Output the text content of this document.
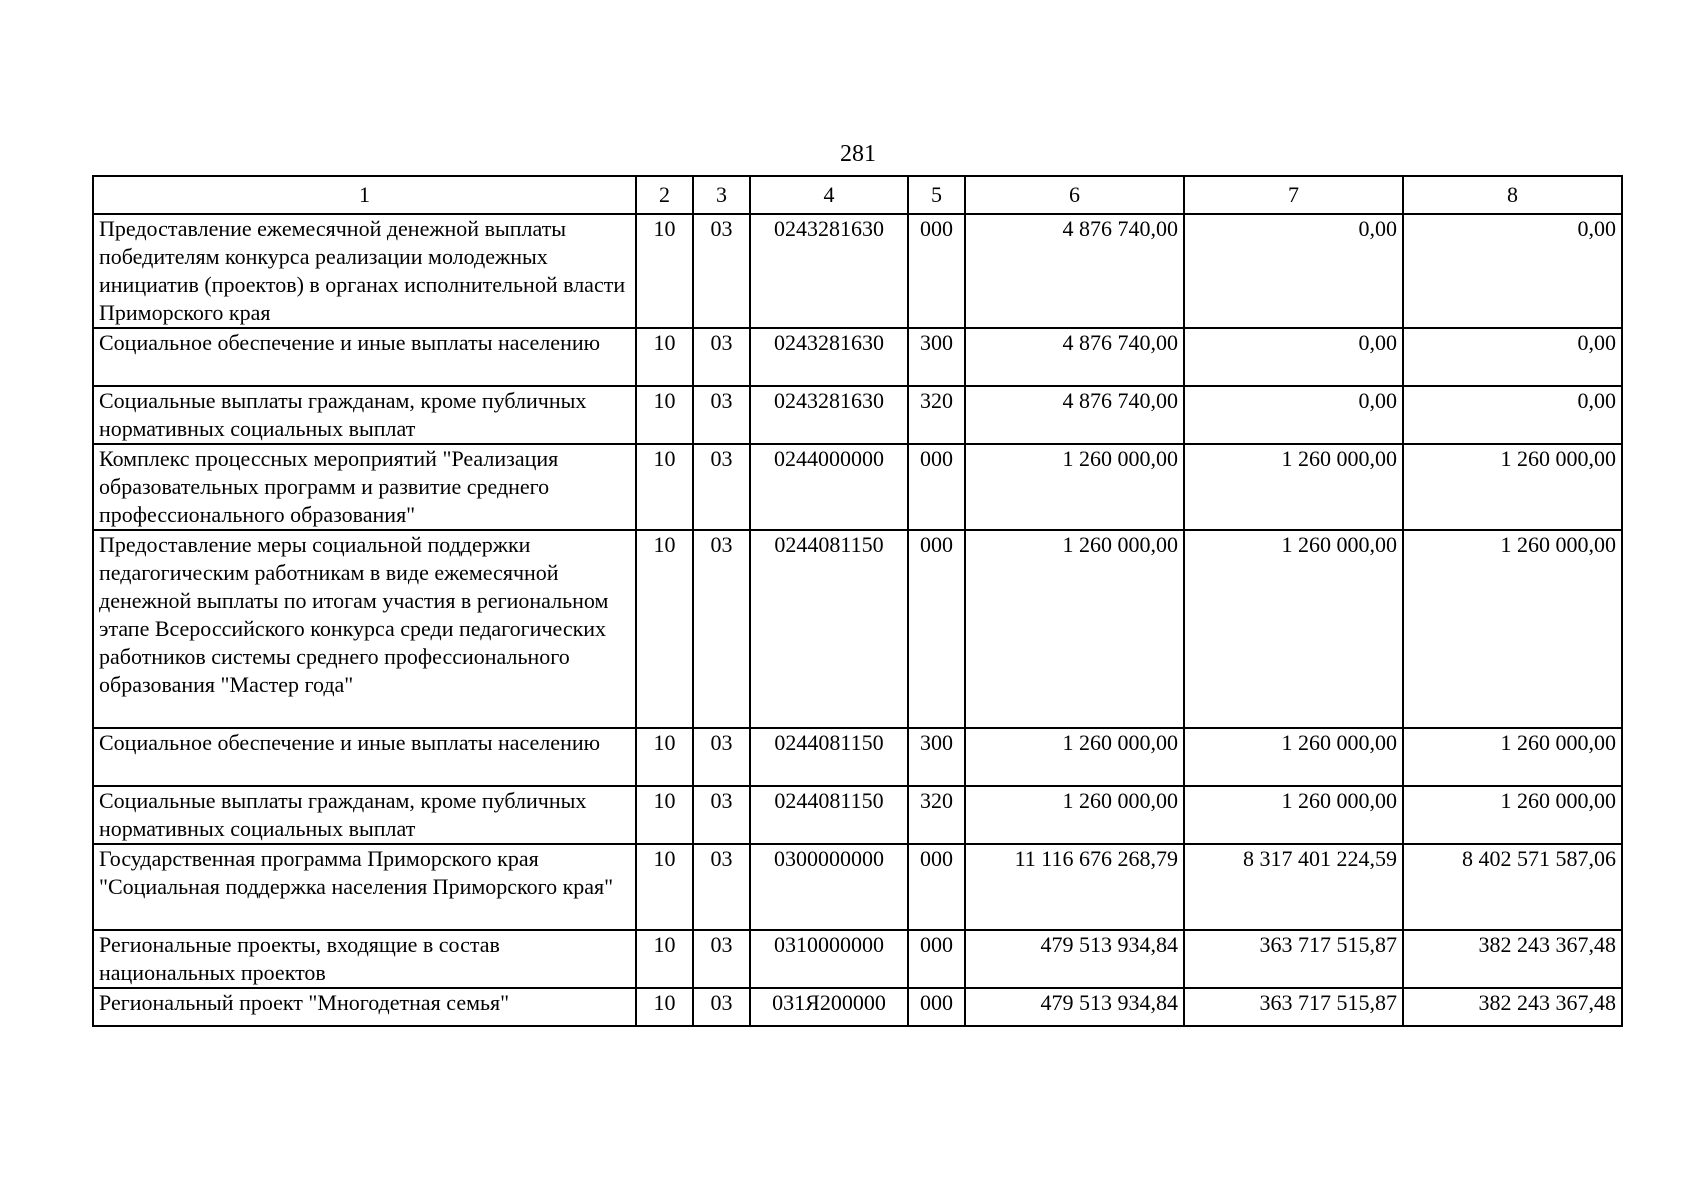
281
1	2	3	4	5	6	7	8
Предоставление ежемесячной денежной выплаты победителям конкурса реализации молодежных инициатив (проектов) в органах исполнительной власти Приморского края	10	03	0243281630	000	4 876 740,00	0,00	0,00
Социальное обеспечение и иные выплаты населению	10	03	0243281630	300	4 876 740,00	0,00	0,00
Социальные выплаты гражданам, кроме публичных нормативных социальных выплат	10	03	0243281630	320	4 876 740,00	0,00	0,00
Комплекс процессных мероприятий "Реализация образовательных программ и развитие среднего профессионального образования"	10	03	0244000000	000	1 260 000,00	1 260 000,00	1 260 000,00
Предоставление меры социальной поддержки педагогическим работникам в виде ежемесячной денежной выплаты по итогам участия в региональном этапе Всероссийского конкурса среди педагогических работников системы среднего профессионального образования "Мастер года"	10	03	0244081150	000	1 260 000,00	1 260 000,00	1 260 000,00
Социальное обеспечение и иные выплаты населению	10	03	0244081150	300	1 260 000,00	1 260 000,00	1 260 000,00
Социальные выплаты гражданам, кроме публичных нормативных социальных выплат	10	03	0244081150	320	1 260 000,00	1 260 000,00	1 260 000,00
Государственная программа Приморского края "Социальная поддержка населения Приморского края"	10	03	0300000000	000	11 116 676 268,79	8 317 401 224,59	8 402 571 587,06
Региональные проекты, входящие в состав национальных проектов	10	03	0310000000	000	479 513 934,84	363 717 515,87	382 243 367,48
Региональный проект "Многодетная семья"	10	03	031Я200000	000	479 513 934,84	363 717 515,87	382 243 367,48
